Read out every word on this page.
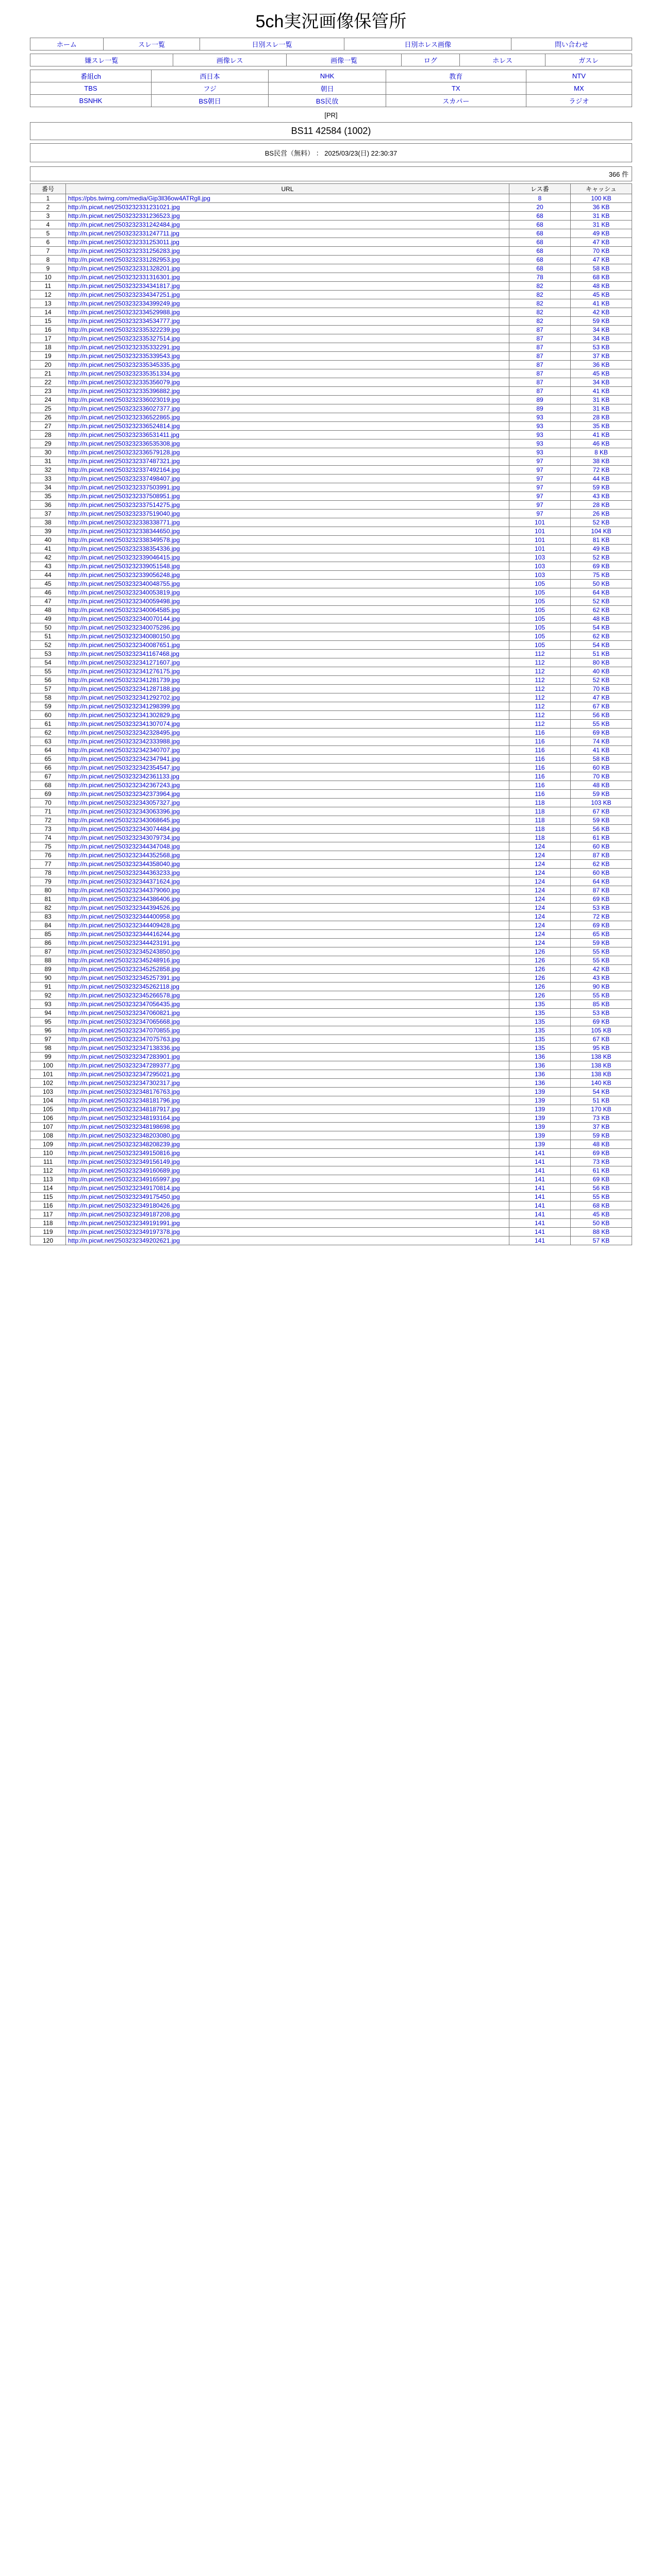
5ch実況画像保管所
ホーム	スレ一覧	日別スレ一覧	日別ホレス画像	問い合わせ
嫌スレ一覧	画像レス	画像一覧	ログ	ホレス	ガスレ
番組ch	西日本	NHK	教育	NTV
TBS	フジ	朝日	TX	MX
BSNHK	BS朝日	BS民放	スカパー	ラジオ
[PR]
BS11 42584 (1002)
BS民営（無料） ： 2025/03/23(日) 22:30:37
366 件
番号	URL	レス番	キャッシュ
1	https://pbs.twimg.com/media/Gip3ll36ow4ATRgll.jpg	8	100 KB
2	http://n.picwt.net/2503232331231021.jpg	20	36 KB
3	http://n.picwt.net/2503232331236523.jpg	68	31 KB
4	http://n.picwt.net/2503232331242484.jpg	68	31 KB
5	http://n.picwt.net/2503232331247711.jpg	68	49 KB
6	http://n.picwt.net/2503232331253011.jpg	68	47 KB
7	http://n.picwt.net/2503232331256283.jpg	68	70 KB
8	http://n.picwt.net/2503232331282953.jpg	68	47 KB
9	http://n.picwt.net/2503232331328201.jpg	68	58 KB
10	http://n.picwt.net/2503232331316301.jpg	78	68 KB
11	http://n.picwt.net/2503232334341817.jpg	82	48 KB
12	http://n.picwt.net/2503232334347251.jpg	82	45 KB
13	http://n.picwt.net/2503232334399249.jpg	82	41 KB
14	http://n.picwt.net/2503232334529988.jpg	82	42 KB
15	http://n.picwt.net/2503232334534777.jpg	82	59 KB
16	http://n.picwt.net/2503232335322239.jpg	87	34 KB
17	http://n.picwt.net/2503232335327514.jpg	87	34 KB
18	http://n.picwt.net/2503232335332291.jpg	87	53 KB
19	http://n.picwt.net/2503232335339543.jpg	87	37 KB
20	http://n.picwt.net/2503232335345335.jpg	87	36 KB
21	http://n.picwt.net/2503232335351334.jpg	87	45 KB
22	http://n.picwt.net/2503232335356079.jpg	87	34 KB
23	http://n.picwt.net/2503232335396882.jpg	87	41 KB
24	http://n.picwt.net/2503232336023019.jpg	89	31 KB
25	http://n.picwt.net/2503232336027377.jpg	89	31 KB
26	http://n.picwt.net/2503232336522865.jpg	93	28 KB
27	http://n.picwt.net/2503232336524814.jpg	93	35 KB
28	http://n.picwt.net/2503232336531411.jpg	93	41 KB
29	http://n.picwt.net/2503232336535308.jpg	93	46 KB
30	http://n.picwt.net/2503232336579128.jpg	93	8 KB
31	http://n.picwt.net/2503232337487321.jpg	97	38 KB
32	http://n.picwt.net/2503232337492164.jpg	97	72 KB
33	http://n.picwt.net/2503232337498407.jpg	97	44 KB
34	http://n.picwt.net/2503232337503991.jpg	97	59 KB
35	http://n.picwt.net/2503232337508951.jpg	97	43 KB
36	http://n.picwt.net/2503232337514275.jpg	97	28 KB
37	http://n.picwt.net/2503232337519040.jpg	97	26 KB
38	http://n.picwt.net/2503232338338771.jpg	101	52 KB
39	http://n.picwt.net/2503232338344650.jpg	101	104 KB
40	http://n.picwt.net/2503232338349578.jpg	101	81 KB
41	http://n.picwt.net/2503232338354336.jpg	101	49 KB
42	http://n.picwt.net/2503232339046415.jpg	103	52 KB
43	http://n.picwt.net/2503232339051548.jpg	103	69 KB
44	http://n.picwt.net/2503232339056248.jpg	103	75 KB
45	http://n.picwt.net/2503232340048755.jpg	105	50 KB
46	http://n.picwt.net/2503232340053819.jpg	105	64 KB
47	http://n.picwt.net/2503232340059498.jpg	105	52 KB
48	http://n.picwt.net/2503232340064585.jpg	105	62 KB
49	http://n.picwt.net/2503232340070144.jpg	105	48 KB
50	http://n.picwt.net/2503232340075286.jpg	105	54 KB
51	http://n.picwt.net/2503232340080150.jpg	105	62 KB
52	http://n.picwt.net/2503232340087651.jpg	105	54 KB
53	http://n.picwt.net/2503232341167468.jpg	112	51 KB
54	http://n.picwt.net/2503232341271607.jpg	112	80 KB
55	http://n.picwt.net/2503232341276175.jpg	112	40 KB
56	http://n.picwt.net/2503232341281739.jpg	112	52 KB
57	http://n.picwt.net/2503232341287188.jpg	112	70 KB
58	http://n.picwt.net/2503232341292702.jpg	112	47 KB
59	http://n.picwt.net/2503232341298399.jpg	112	67 KB
60	http://n.picwt.net/2503232341302829.jpg	112	56 KB
61	http://n.picwt.net/2503232341307074.jpg	112	55 KB
62	http://n.picwt.net/2503232342328495.jpg	116	69 KB
63	http://n.picwt.net/2503232342333988.jpg	116	74 KB
64	http://n.picwt.net/2503232342340707.jpg	116	41 KB
65	http://n.picwt.net/2503232342347941.jpg	116	58 KB
66	http://n.picwt.net/2503232342354547.jpg	116	60 KB
67	http://n.picwt.net/2503232342361133.jpg	116	70 KB
68	http://n.picwt.net/2503232342367243.jpg	116	48 KB
69	http://n.picwt.net/2503232342373964.jpg	116	59 KB
70	http://n.picwt.net/2503232343057327.jpg	118	103 KB
71	http://n.picwt.net/2503232343063396.jpg	118	67 KB
72	http://n.picwt.net/2503232343068645.jpg	118	59 KB
73	http://n.picwt.net/2503232343074484.jpg	118	56 KB
74	http://n.picwt.net/2503232343079734.jpg	118	61 KB
75	http://n.picwt.net/2503232344347048.jpg	124	60 KB
76	http://n.picwt.net/2503232344352568.jpg	124	87 KB
77	http://n.picwt.net/2503232344358040.jpg	124	62 KB
78	http://n.picwt.net/2503232344363233.jpg	124	60 KB
79	http://n.picwt.net/2503232344371624.jpg	124	64 KB
80	http://n.picwt.net/2503232344379060.jpg	124	87 KB
81	http://n.picwt.net/2503232344386406.jpg	124	69 KB
82	http://n.picwt.net/2503232344394526.jpg	124	53 KB
83	http://n.picwt.net/2503232344400958.jpg	124	72 KB
84	http://n.picwt.net/2503232344409428.jpg	124	69 KB
85	http://n.picwt.net/2503232344416244.jpg	124	65 KB
86	http://n.picwt.net/2503232344423191.jpg	124	59 KB
87	http://n.picwt.net/2503232345243850.jpg	126	55 KB
88	http://n.picwt.net/2503232345248916.jpg	126	55 KB
89	http://n.picwt.net/2503232345252858.jpg	126	42 KB
90	http://n.picwt.net/2503232345257391.jpg	126	43 KB
91	http://n.picwt.net/2503232345262118.jpg	126	90 KB
92	http://n.picwt.net/2503232345266578.jpg	126	55 KB
93	http://n.picwt.net/2503232347056435.jpg	135	85 KB
94	http://n.picwt.net/2503232347060821.jpg	135	53 KB
95	http://n.picwt.net/2503232347065668.jpg	135	69 KB
96	http://n.picwt.net/2503232347070855.jpg	135	105 KB
97	http://n.picwt.net/2503232347075763.jpg	135	67 KB
98	http://n.picwt.net/2503232347138336.jpg	135	95 KB
99	http://n.picwt.net/2503232347283901.jpg	136	138 KB
100	http://n.picwt.net/2503232347289377.jpg	136	138 KB
101	http://n.picwt.net/2503232347295021.jpg	136	138 KB
102	http://n.picwt.net/2503232347302317.jpg	136	140 KB
103	http://n.picwt.net/2503232348176763.jpg	139	54 KB
104	http://n.picwt.net/2503232348181796.jpg	139	51 KB
105	http://n.picwt.net/2503232348187917.jpg	139	170 KB
106	http://n.picwt.net/2503232348193164.jpg	139	73 KB
107	http://n.picwt.net/2503232348198698.jpg	139	37 KB
108	http://n.picwt.net/2503232348203080.jpg	139	59 KB
109	http://n.picwt.net/2503232348208239.jpg	139	48 KB
110	http://n.picwt.net/2503232349150816.jpg	141	69 KB
111	http://n.picwt.net/2503232349156149.jpg	141	73 KB
112	http://n.picwt.net/2503232349160689.jpg	141	61 KB
113	http://n.picwt.net/2503232349165997.jpg	141	69 KB
114	http://n.picwt.net/2503232349170814.jpg	141	56 KB
115	http://n.picwt.net/2503232349175450.jpg	141	55 KB
116	http://n.picwt.net/2503232349180426.jpg	141	68 KB
117	http://n.picwt.net/2503232349187208.jpg	141	45 KB
118	http://n.picwt.net/2503232349191991.jpg	141	50 KB
119	http://n.picwt.net/2503232349197378.jpg	141	88 KB
120	http://n.picwt.net/2503232349202621.jpg	141	57 KB
